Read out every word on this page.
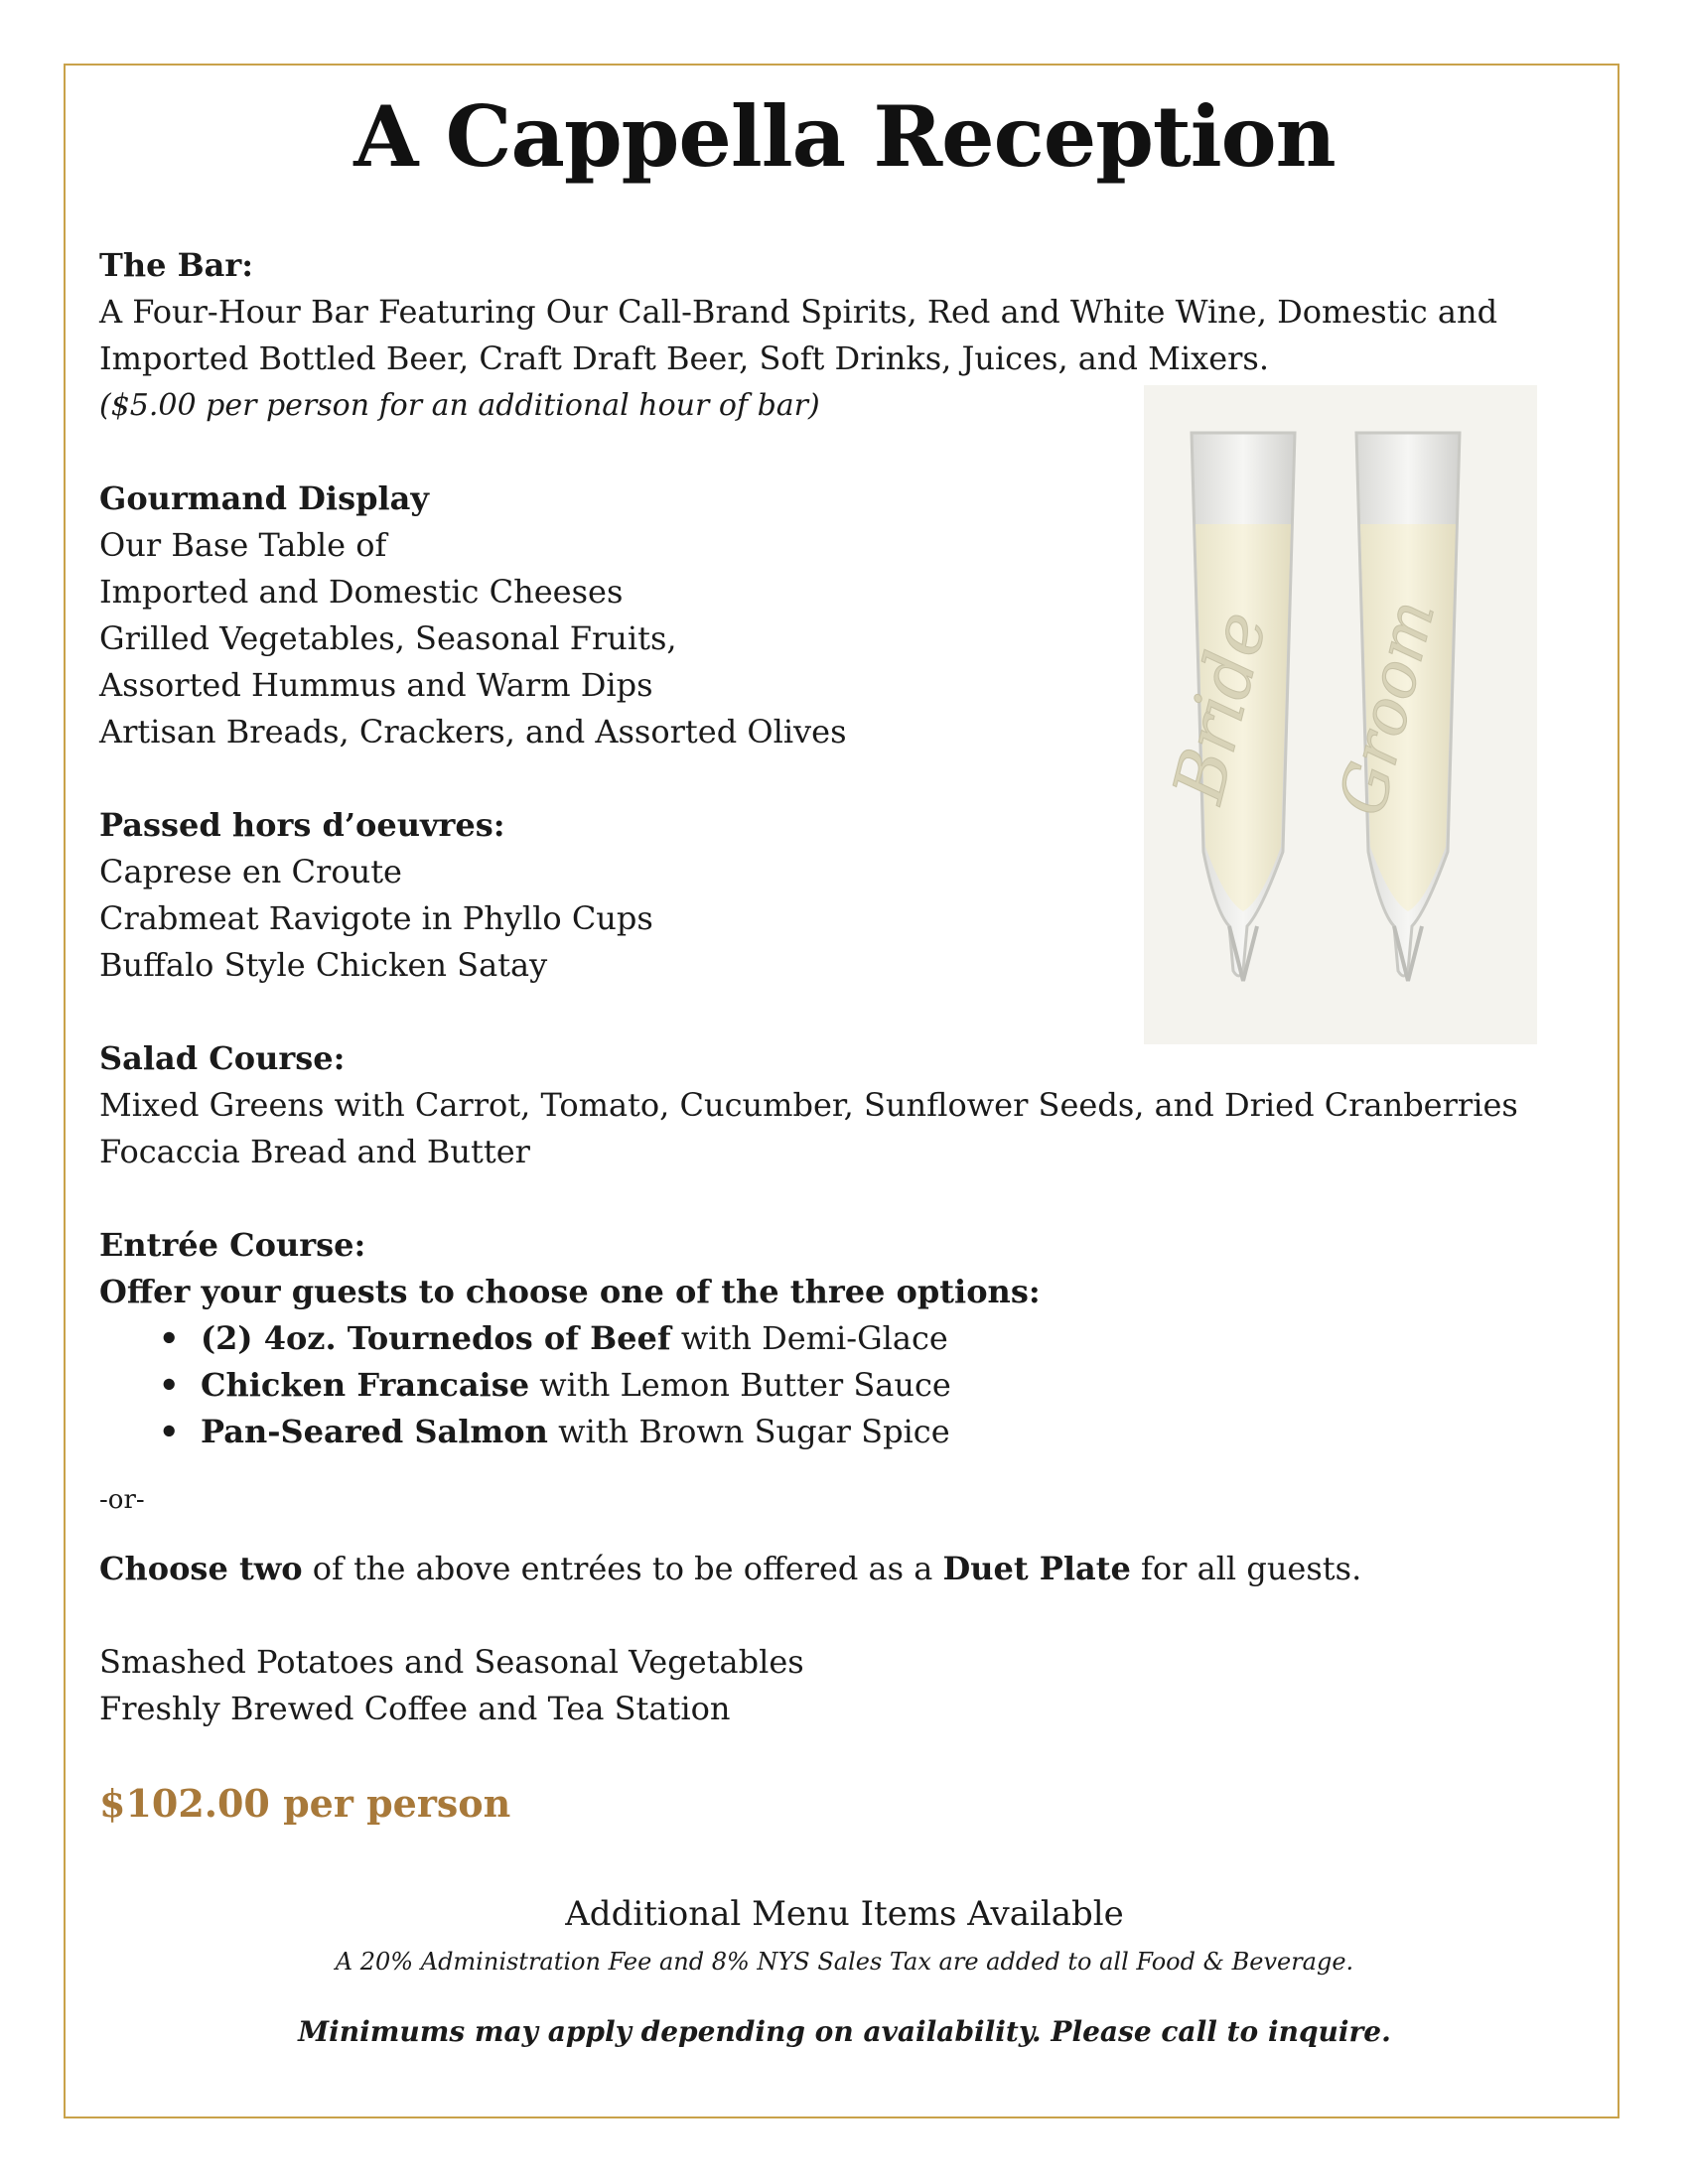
A Cappella Reception
Bride Groom
The Bar:
A Four-Hour Bar Featuring Our Call-Brand Spirits, Red and White Wine, Domestic and
Imported Bottled Beer, Craft Draft Beer, Soft Drinks, Juices, and Mixers.
($5.00 per person for an additional hour of bar)
Gourmand Display
Our Base Table of
Imported and Domestic Cheeses
Grilled Vegetables, Seasonal Fruits,
Assorted Hummus and Warm Dips
Artisan Breads, Crackers, and Assorted Olives
Passed hors d’oeuvres:
Caprese en Croute
Crabmeat Ravigote in Phyllo Cups
Buffalo Style Chicken Satay
Salad Course:
Mixed Greens with Carrot, Tomato, Cucumber, Sunflower Seeds, and Dried Cranberries
Focaccia Bread and Butter
Entrée Course:
Offer your guests to choose one of the three options:
• (2) 4oz. Tournedos of Beef with Demi-Glace
• Chicken Francaise with Lemon Butter Sauce
• Pan-Seared Salmon with Brown Sugar Spice
-or-
Choose two of the above entrées to be offered as a Duet Plate for all guests.
Smashed Potatoes and Seasonal Vegetables
Freshly Brewed Coffee and Tea Station
$102.00 per person
Additional Menu Items Available
A 20% Administration Fee and 8% NYS Sales Tax are added to all Food & Beverage.
Minimums may apply depending on availability. Please call to inquire.
